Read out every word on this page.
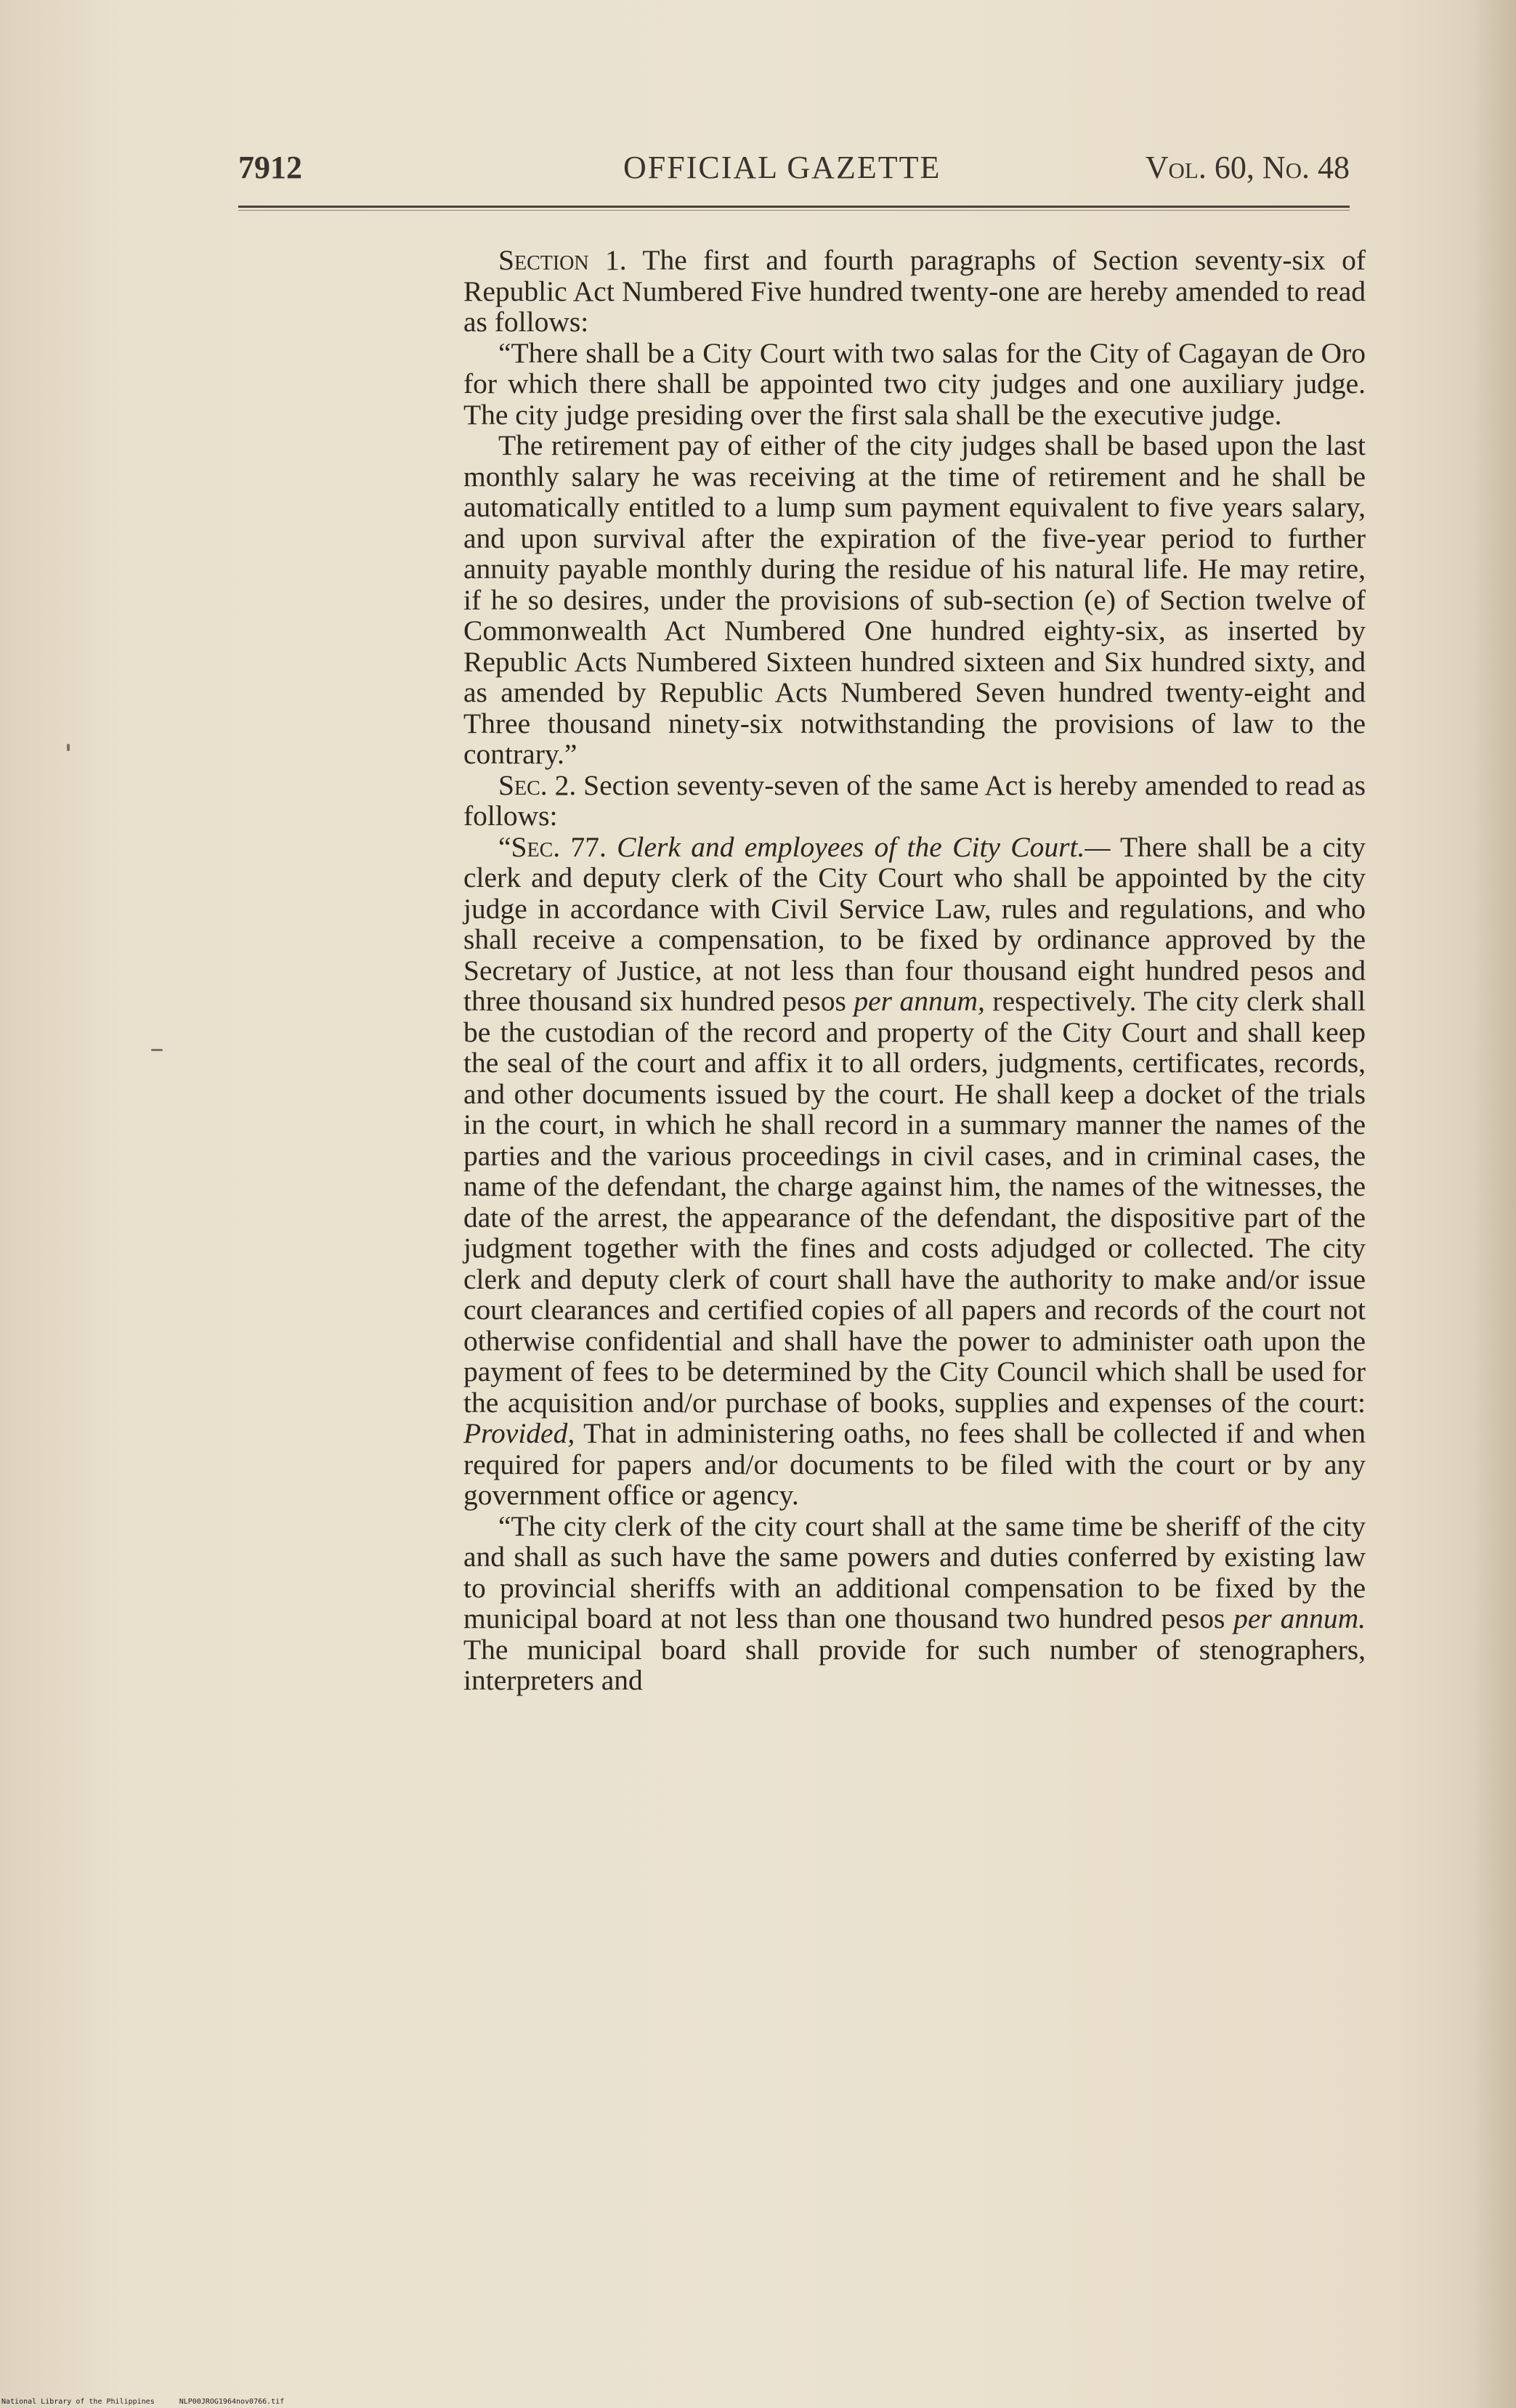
7912	OFFICIAL GAZETTE	Vol. 60, No. 48

Section 1. The first and fourth paragraphs of Section seventy-six of Republic Act Numbered Five hundred twenty-one are hereby amended to read as follows:

“There shall be a City Court with two salas for the City of Cagayan de Oro for which there shall be appointed two city judges and one auxiliary judge. The city judge presiding over the first sala shall be the executive judge.

The retirement pay of either of the city judges shall be based upon the last monthly salary he was receiving at the time of retirement and he shall be automatically entitled to a lump sum payment equivalent to five years salary, and upon survival after the expiration of the five-year period to further annuity payable monthly during the residue of his natural life. He may retire, if he so desires, under the provisions of sub-section (e) of Section twelve of Commonwealth Act Numbered One hundred eighty-six, as inserted by Republic Acts Numbered Sixteen hundred sixteen and Six hundred sixty, and as amended by Republic Acts Numbered Seven hundred twenty-eight and Three thousand ninety-six notwithstanding the provisions of law to the contrary.”

Sec. 2. Section seventy-seven of the same Act is hereby amended to read as follows:

“Sec. 77. Clerk and employees of the City Court.— There shall be a city clerk and deputy clerk of the City Court who shall be appointed by the city judge in accordance with Civil Service Law, rules and regulations, and who shall receive a compensation, to be fixed by ordinance approved by the Secretary of Justice, at not less than four thousand eight hundred pesos and three thousand six hundred pesos per annum, respectively. The city clerk shall be the custodian of the record and property of the City Court and shall keep the seal of the court and affix it to all orders, judgments, certificates, records, and other documents issued by the court. He shall keep a docket of the trials in the court, in which he shall record in a summary manner the names of the parties and the various proceedings in civil cases, and in criminal cases, the name of the defendant, the charge against him, the names of the witnesses, the date of the arrest, the appearance of the defendant, the dispositive part of the judgment together with the fines and costs adjudged or collected. The city clerk and deputy clerk of court shall have the authority to make and/or issue court clearances and certified copies of all papers and records of the court not otherwise confidential and shall have the power to administer oath upon the payment of fees to be determined by the City Council which shall be used for the acquisition and/or purchase of books, supplies and expenses of the court: Provided, That in administering oaths, no fees shall be collected if and when required for papers and/or documents to be filed with the court or by any government office or agency.

“The city clerk of the city court shall at the same time be sheriff of the city and shall as such have the same powers and duties conferred by existing law to provincial sheriffs with an additional compensation to be fixed by the municipal board at not less than one thousand two hundred pesos per annum. The municipal board shall provide for such number of stenographers, interpreters and

National Library of the Philippines	NLP00JROG1964nov0766.tif
